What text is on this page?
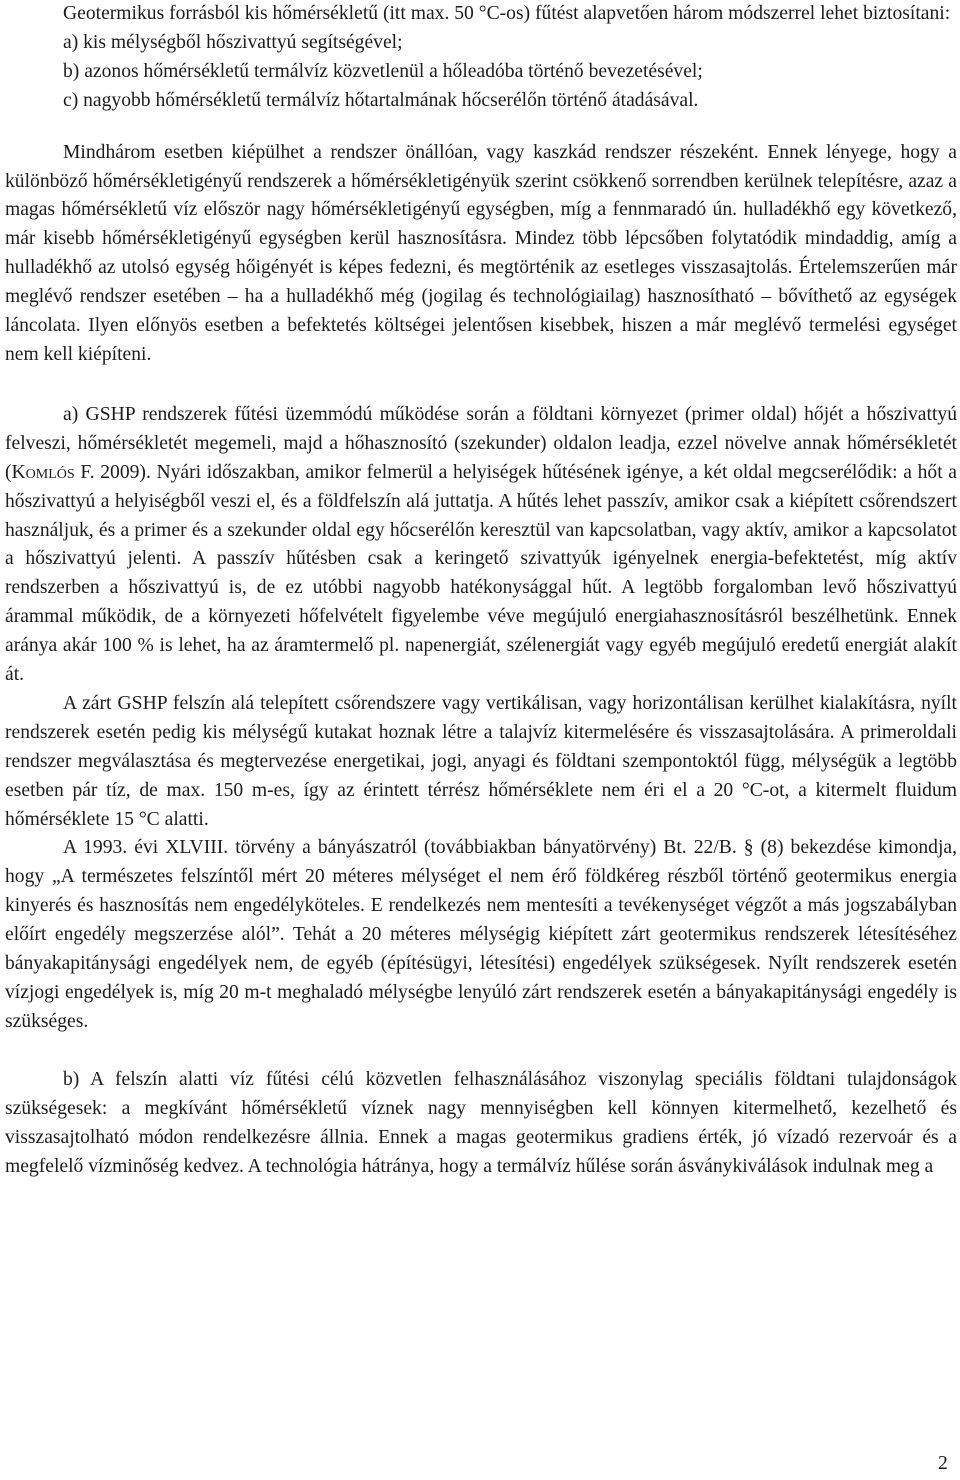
Geotermikus forrásból kis hőmérsékletű (itt max. 50 °C-os) fűtést alapvetően három módszerrel lehet biztosítani:

a) kis mélységből hőszivattyú segítségével;

b) azonos hőmérsékletű termálvíz közvetlenül a hőleadóba történő bevezetésével;

c) nagyobb hőmérsékletű termálvíz hőtartalmának hőcserélőn történő átadásával.

Mindhárom esetben kiépülhet a rendszer önállóan, vagy kaszkád rendszer részeként. Ennek lényege, hogy a különböző hőmérsékletigényű rendszerek a hőmérsékletigényük szerint csökkenő sorrendben kerülnek telepítésre, azaz a magas hőmérsékletű víz először nagy hőmérsékletigényű egységben, míg a fennmaradó ún. hulladékhő egy következő, már kisebb hőmérsékletigényű egységben kerül hasznosításra. Mindez több lépcsőben folytatódik mindaddig, amíg a hulladékhő az utolsó egység hőigényét is képes fedezni, és megtörténik az esetleges visszasajtolás. Értelemszerűen már meglévő rendszer esetében – ha a hulladékhő még (jogilag és technológiailag) hasznosítható – bővíthető az egységek láncolata. Ilyen előnyös esetben a befektetés költségei jelentősen kisebbek, hiszen a már meglévő termelési egységet nem kell kiépíteni.

a) GSHP rendszerek fűtési üzemmódú működése során a földtani környezet (primer oldal) hőjét a hőszivattyú felveszi, hőmérsékletét megemeli, majd a hőhasznosító (szekunder) oldalon leadja, ezzel növelve annak hőmérsékletét (Komlós F. 2009). Nyári időszakban, amikor felmerül a helyiségek hűtésének igénye, a két oldal megcserélődik: a hőt a hőszivattyú a helyiségből veszi el, és a földfelszín alá juttatja. A hűtés lehet passzív, amikor csak a kiépített csőrendszert használjuk, és a primer és a szekunder oldal egy hőcserélőn keresztül van kapcsolatban, vagy aktív, amikor a kapcsolatot a hőszivattyú jelenti. A passzív hűtésben csak a keringető szivattyúk igényelnek energia-befektetést, míg aktív rendszerben a hőszivattyú is, de ez utóbbi nagyobb hatékonysággal hűt. A legtöbb forgalomban levő hőszivattyú árammal működik, de a környezeti hőfelvételt figyelembe véve megújuló energiahasznosításról beszélhetünk. Ennek aránya akár 100 % is lehet, ha az áramtermelő pl. napenergiát, szélenergiát vagy egyéb megújuló eredetű energiát alakít át.

A zárt GSHP felszín alá telepített csőrendszere vagy vertikálisan, vagy horizontálisan kerülhet kialakításra, nyílt rendszerek esetén pedig kis mélységű kutakat hoznak létre a talajvíz kitermelésére és visszasajtolására. A primeroldali rendszer megválasztása és megtervezése energetikai, jogi, anyagi és földtani szempontoktól függ, mélységük a legtöbb esetben pár tíz, de max. 150 m-es, így az érintett térrész hőmérséklete nem éri el a 20 °C-ot, a kitermelt fluidum hőmérséklete 15 °C alatti.

A 1993. évi XLVIII. törvény a bányászatról (továbbiakban bányatörvény) Bt. 22/B. § (8) bekezdése kimondja, hogy „A természetes felszíntől mért 20 méteres mélységet el nem érő földkéreg részből történő geotermikus energia kinyerés és hasznosítás nem engedélyköteles. E rendelkezés nem mentesíti a tevékenységet végzőt a más jogszabályban előírt engedély megszerzése alól”. Tehát a 20 méteres mélységig kiépített zárt geotermikus rendszerek létesítéséhez bányakapitánysági engedélyek nem, de egyéb (építésügyi, létesítési) engedélyek szükségesek. Nyílt rendszerek esetén vízjogi engedélyek is, míg 20 m-t meghaladó mélységbe lenyúló zárt rendszerek esetén a bányakapitánysági engedély is szükséges.

b) A felszín alatti víz fűtési célú közvetlen felhasználásához viszonylag speciális földtani tulajdonságok szükségesek: a megkívánt hőmérsékletű víznek nagy mennyiségben kell könnyen kitermelhető, kezelhető és visszasajtolható módon rendelkezésre állnia. Ennek a magas geotermikus gradiens érték, jó vízadó rezervoár és a megfelelő vízminőség kedvez. A technológia hátránya, hogy a termálvíz hűlése során ásványkiválások indulnak meg a

2
